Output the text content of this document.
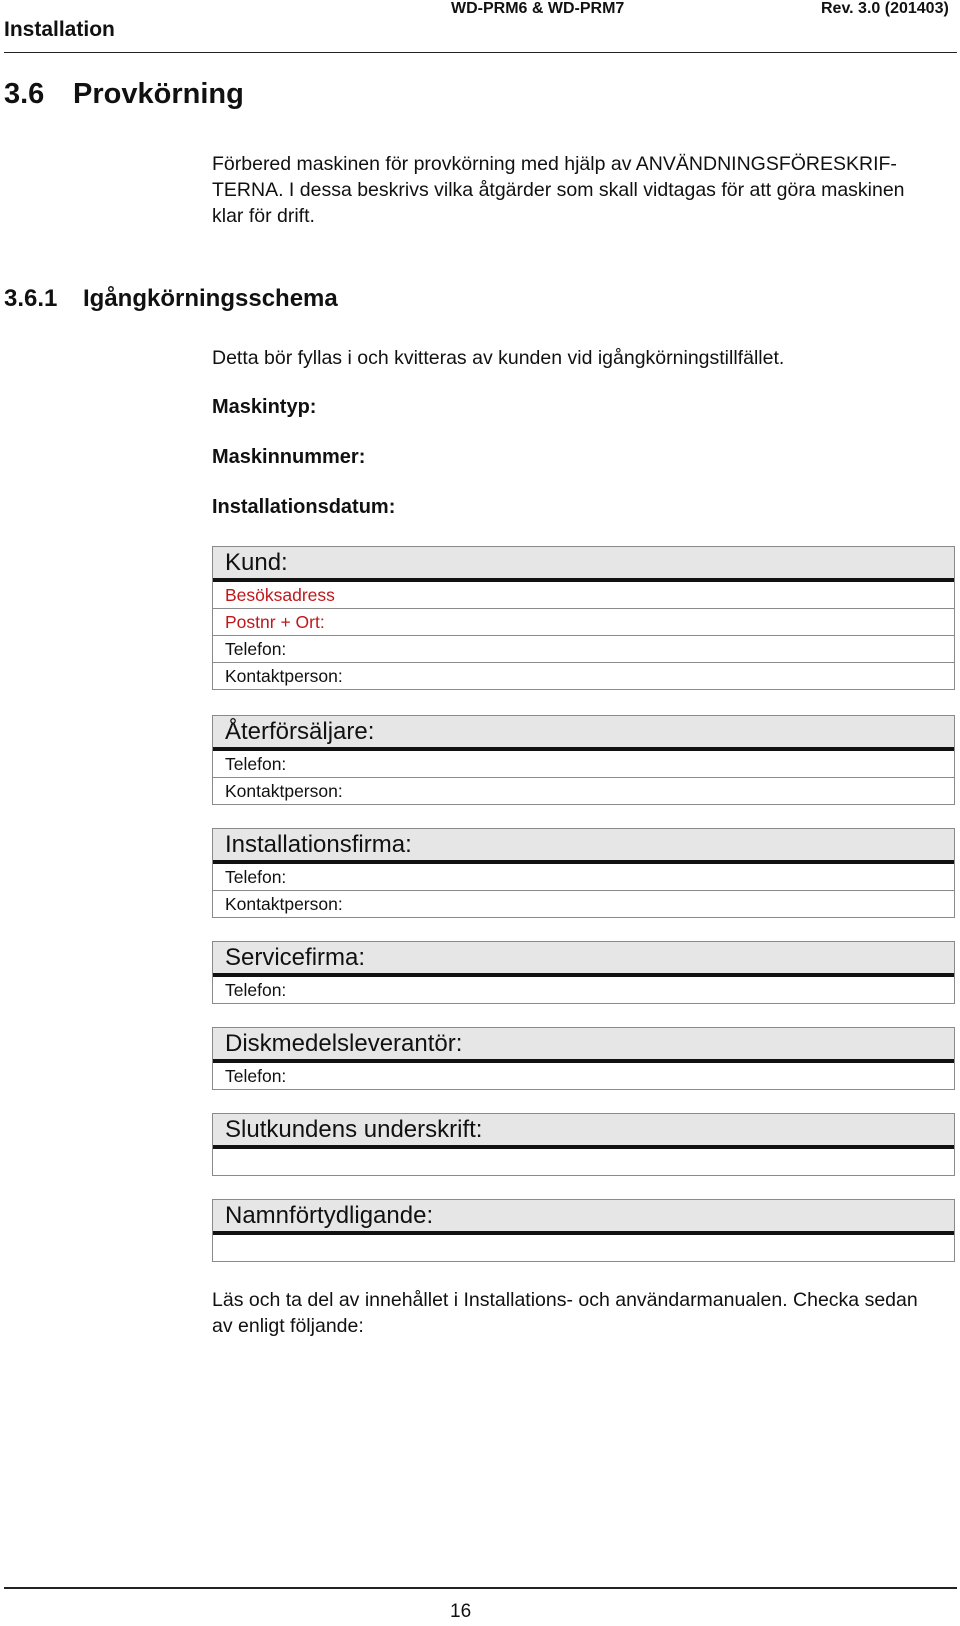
Installation
WD-PRM6 & WD-PRM7	Rev. 3.0 (201403)
3.6 Provkörning
Förbered maskinen för provkörning med hjälp av ANVÄNDNINGSFÖRESKRIF-
TERNA. I dessa beskrivs vilka åtgärder som skall vidtagas för att göra maskinen
klar för drift.
3.6.1 Igångkörningsschema
Detta bör fyllas i och kvitteras av kunden vid igångkörningstillfället.
Maskintyp:
Maskinnummer:
Installationsdatum:
Kund:
Besöksadress
Postnr + Ort:
Telefon:
Kontaktperson:
Återförsäljare:
Telefon:
Kontaktperson:
Installationsfirma:
Telefon:
Kontaktperson:
Servicefirma:
Telefon:
Diskmedelsleverantör:
Telefon:
Slutkundens underskrift:
Namnförtydligande:
Läs och ta del av innehållet i Installations- och användarmanualen. Checka sedan
av enligt följande:
16
